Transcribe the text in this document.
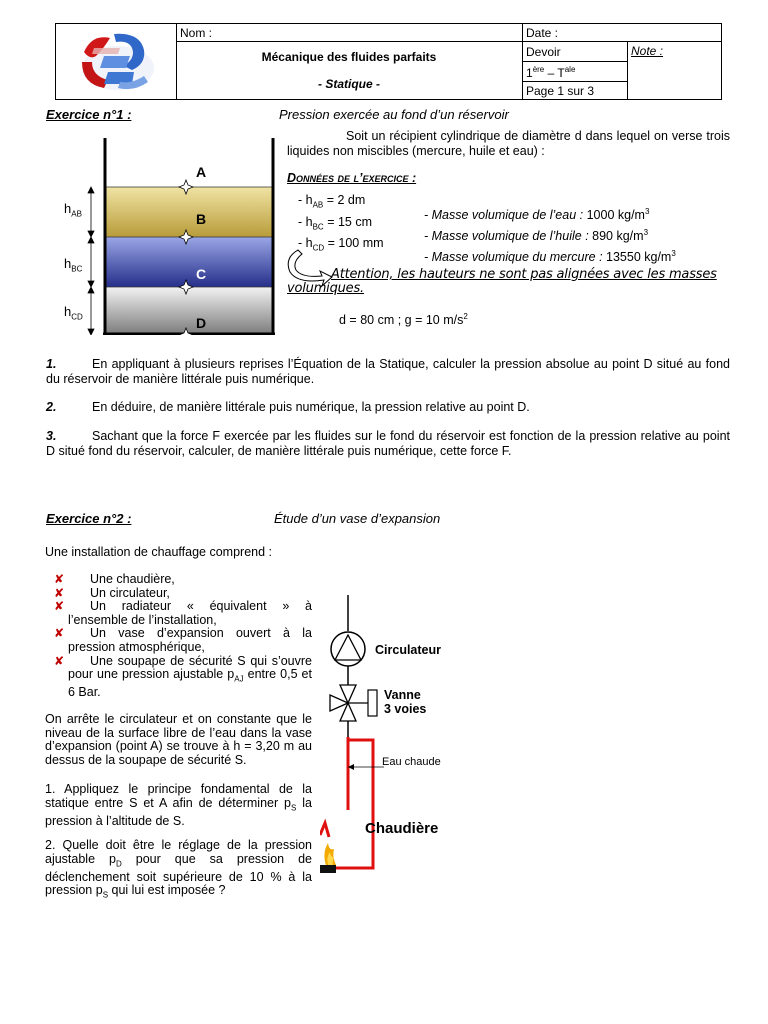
Nom :	Date :
Mécanique des fluides parfaits
- Statique -
Devoir
$1ère - T^{ale}$
Page 1 sur 3
Note :
Exercice n°1 :	Pression exercée au fond d’un réservoir
A
B
C
D
$h_{AB}$
$h_{BC}$
$h_{CD}$
Soit un récipient cylindrique de diamètre d dans lequel on verse trois liquides non miscibles (mercure, huile et eau) :
Données de l’exercice :
- $h_{AB} = 2$ dm
- $h_{BC} = 15$ cm
- $h_{CD} = 100$ mm
- Masse volumique de l’eau : 1000 $kg/m^3$
- Masse volumique de l’huile : 890 $kg/m^3$
- Masse volumique du mercure : 13550 $kg/m^3$
Attention, les hauteurs ne sont pas alignées avec les masses volumiques.
d = 80 cm ; g = 10 $m/s^2$
1.	En appliquant à plusieurs reprises l’Équation de la Statique, calculer la pression absolue au point D situé au fond du réservoir de manière littérale puis numérique.
2.	En déduire, de manière littérale puis numérique, la pression relative au point D.
3.	Sachant que la force F exercée par les fluides sur le fond du réservoir est fonction de la pression relative au point D situé fond du réservoir, calculer, de manière littérale puis numérique, cette force F.
Exercice n°2 :	Étude d’un vase d’expansion
Une installation de chauffage comprend :
✘	Une chaudière,
✘	Un circulateur,
✘	Un radiateur « équivalent » à l’ensemble de l’installation,
✘	Un vase d’expansion ouvert à la pression atmosphérique,
✘	Une soupape de sécurité S qui s’ouvre pour une pression ajustable $p_{AJ}$ entre 0,5 et 6 Bar.
On arrête le circulateur et on constante que le niveau de la surface libre de l’eau dans la vase d’expansion (point A) se trouve à h = 3,20 m au dessus de la soupape de sécurité S.
1. Appliquez le principe fondamental de la statique entre S et A afin de déterminer $p_S$ la pression à l’altitude de S.
2. Quelle doit être le réglage de la pression ajustable $p_D$ pour que sa pression de déclenchement soit supérieure de 10 % à la pression $p_S$ qui lui est imposée ?
Circulateur
Vanne
3 voies
Eau chaude
Chaudière
